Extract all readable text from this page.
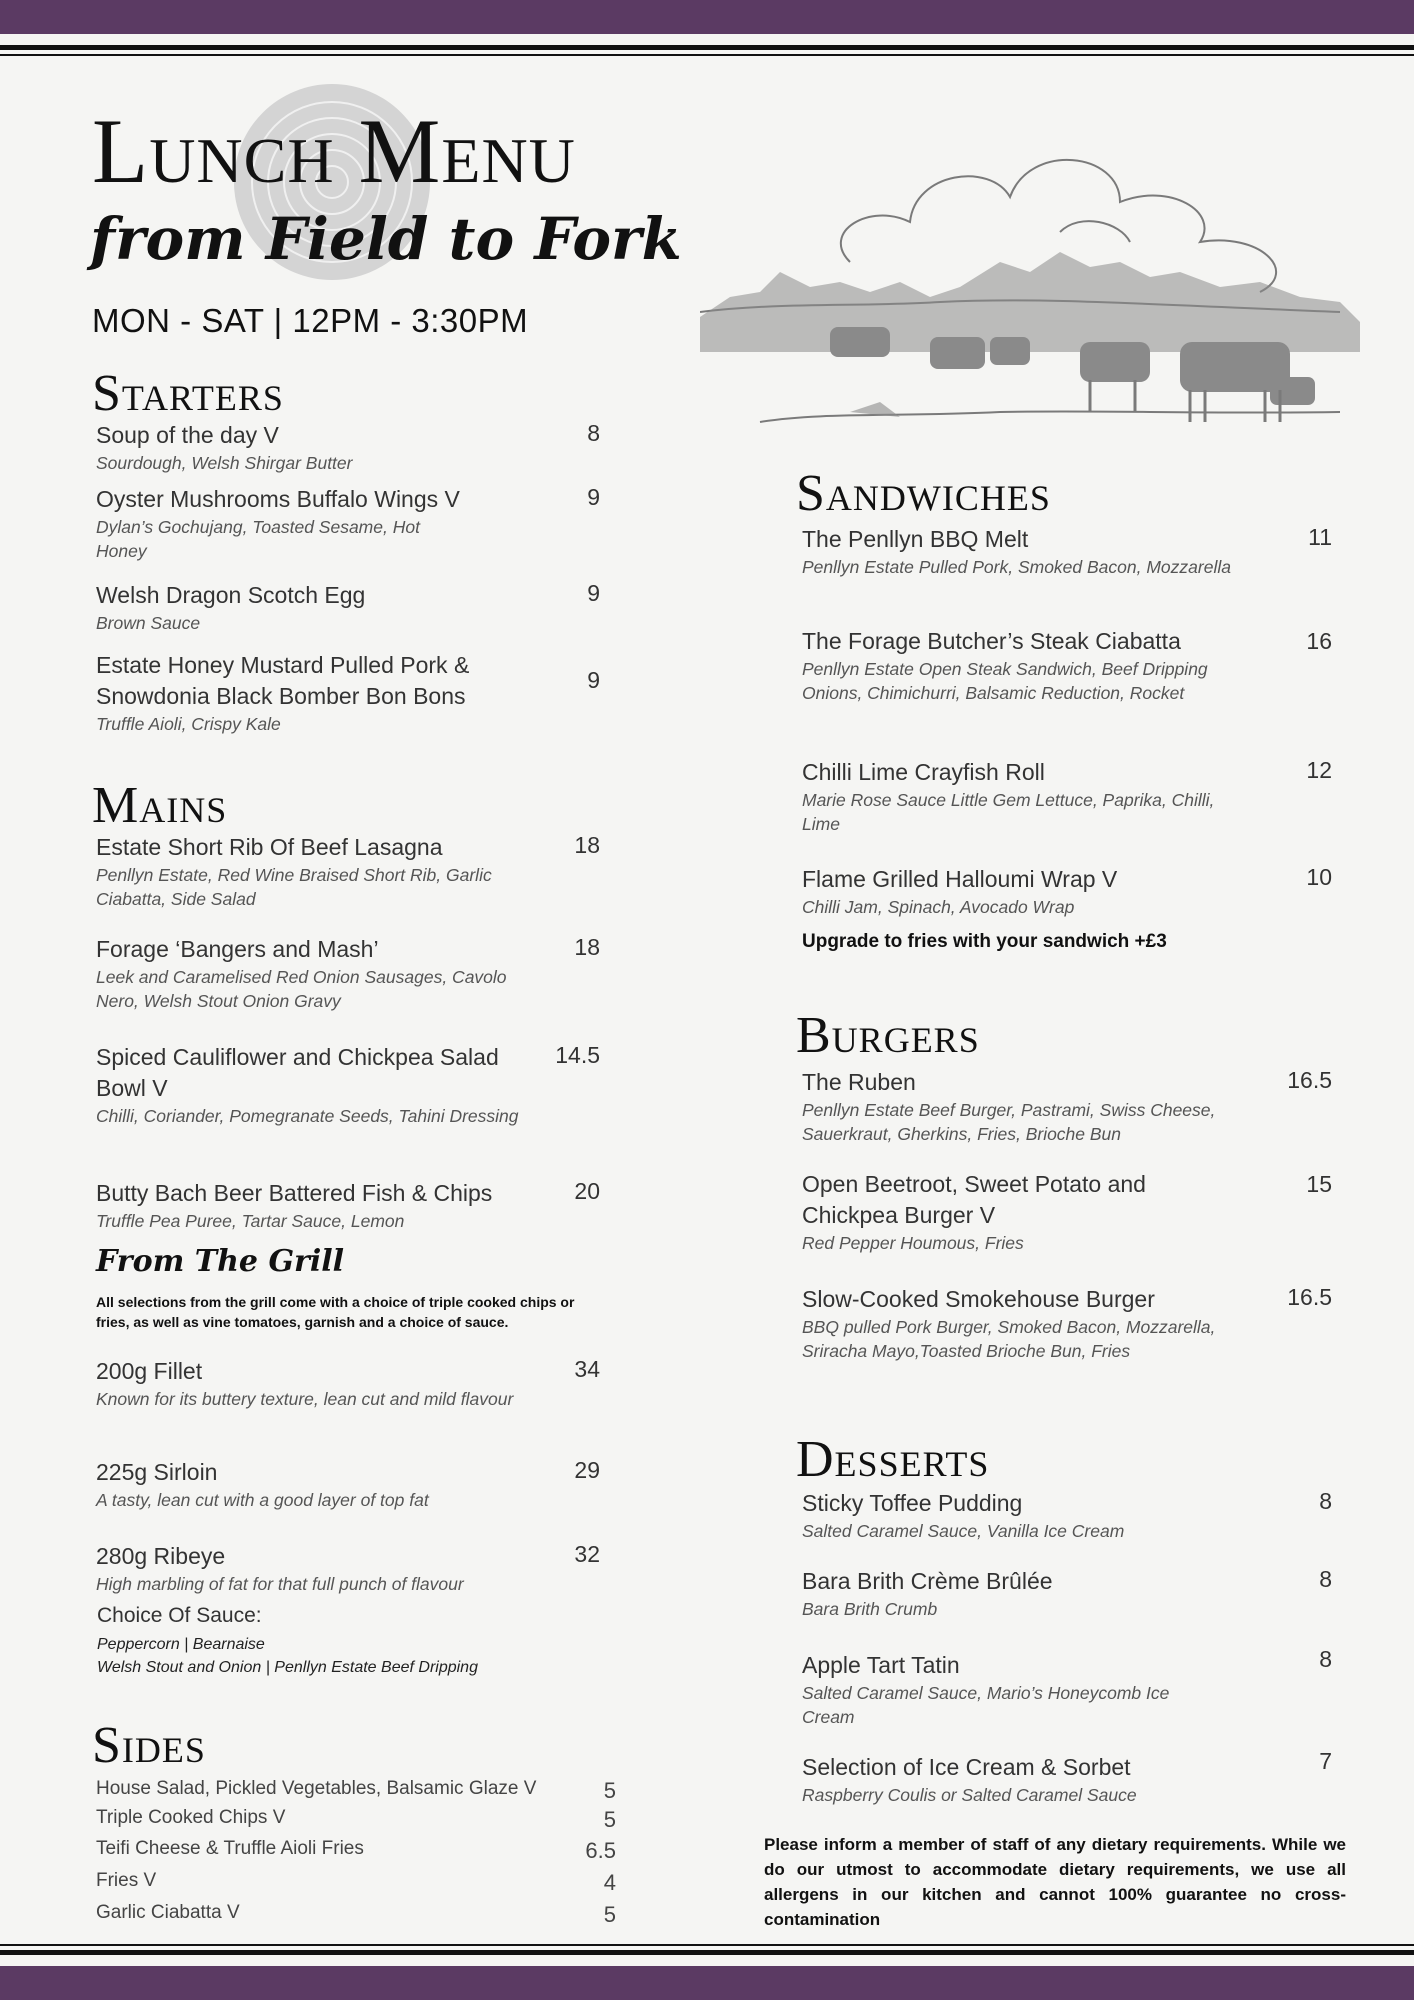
Lunch Menu
from Field to Fork
MON - SAT | 12PM - 3:30PM
Starters
Soup of the day V
Sourdough, Welsh Shirgar Butter
8
Oyster Mushrooms Buffalo Wings V
Dylan’s Gochujang, Toasted Sesame, Hot Honey
9
Welsh Dragon Scotch Egg
Brown Sauce
9
Estate Honey Mustard Pulled Pork & Snowdonia Black Bomber Bon Bons
Truffle Aioli, Crispy Kale
9
Mains
Estate Short Rib Of Beef Lasagna
Penllyn Estate, Red Wine Braised Short Rib, Garlic Ciabatta, Side Salad
18
Forage ‘Bangers and Mash’
Leek and Caramelised Red Onion Sausages, Cavolo Nero, Welsh Stout Onion Gravy
18
Spiced Cauliflower and Chickpea Salad Bowl V
Chilli, Coriander, Pomegranate Seeds, Tahini Dressing
14.5
Butty Bach Beer Battered Fish & Chips
Truffle Pea Puree, Tartar Sauce, Lemon
20
From The Grill
All selections from the grill come with a choice of triple cooked chips or fries, as well as vine tomatoes, garnish and a choice of sauce.
200g Fillet
Known for its buttery texture, lean cut and mild flavour
34
225g Sirloin
A tasty, lean cut with a good layer of top fat
29
280g Ribeye
High marbling of fat for that full punch of flavour
32
Choice Of Sauce:
Peppercorn | Bearnaise
Welsh Stout and Onion | Penllyn Estate Beef Dripping
Sides
House Salad, Pickled Vegetables, Balsamic Glaze V	5
Triple Cooked Chips V	5
Teifi Cheese & Truffle Aioli Fries	6.5
Fries V	4
Garlic Ciabatta V	5
Sandwiches
The Penllyn BBQ Melt
Penllyn Estate Pulled Pork, Smoked Bacon, Mozzarella
11
The Forage Butcher’s Steak Ciabatta
Penllyn Estate Open Steak Sandwich, Beef Dripping Onions, Chimichurri, Balsamic Reduction, Rocket
16
Chilli Lime Crayfish Roll
Marie Rose Sauce Little Gem Lettuce, Paprika, Chilli, Lime
12
Flame Grilled Halloumi Wrap V
Chilli Jam, Spinach, Avocado Wrap
10
Upgrade to fries with your sandwich +£3
Burgers
The Ruben
Penllyn Estate Beef Burger, Pastrami, Swiss Cheese, Sauerkraut, Gherkins, Fries, Brioche Bun
16.5
Open Beetroot, Sweet Potato and Chickpea Burger V
Red Pepper Houmous, Fries
15
Slow-Cooked Smokehouse Burger
BBQ pulled Pork Burger, Smoked Bacon, Mozzarella, Sriracha Mayo,Toasted Brioche Bun, Fries
16.5
Desserts
Sticky Toffee Pudding
Salted Caramel Sauce, Vanilla Ice Cream
8
Bara Brith Crème Brûlée
Bara Brith Crumb
8
Apple Tart Tatin
Salted Caramel Sauce, Mario’s Honeycomb Ice Cream
8
Selection of Ice Cream & Sorbet
Raspberry Coulis or Salted Caramel Sauce
7
Please inform a member of staff of any dietary requirements. While we do our utmost to accommodate dietary requirements, we use all allergens in our kitchen and cannot 100% guarantee no cross-contamination
